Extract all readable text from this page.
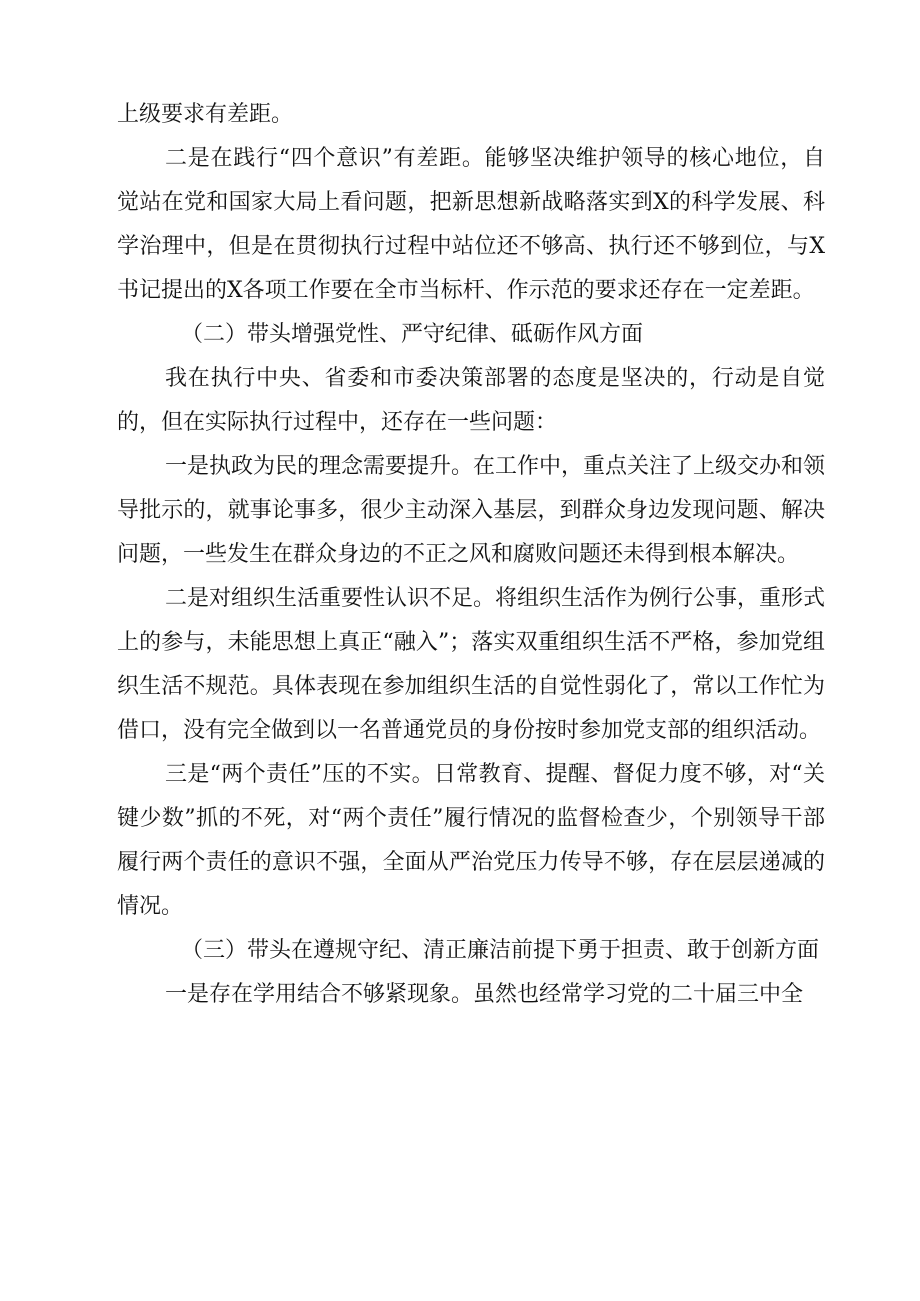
上级要求有差距。

二是在践行“四个意识”有差距。能够坚决维护领导的核心地位，自觉站在党和国家大局上看问题，把新思想新战略落实到X的科学发展、科学治理中，但是在贯彻执行过程中站位还不够高、执行还不够到位，与X书记提出的X各项工作要在全市当标杆、作示范的要求还存在一定差距。

（二）带头增强党性、严守纪律、砥砺作风方面

我在执行中央、省委和市委决策部署的态度是坚决的，行动是自觉的，但在实际执行过程中，还存在一些问题：

一是执政为民的理念需要提升。在工作中，重点关注了上级交办和领导批示的，就事论事多，很少主动深入基层，到群众身边发现问题、解决问题，一些发生在群众身边的不正之风和腐败问题还未得到根本解决。

二是对组织生活重要性认识不足。将组织生活作为例行公事，重形式上的参与，未能思想上真正“融入”；落实双重组织生活不严格，参加党组织生活不规范。具体表现在参加组织生活的自觉性弱化了，常以工作忙为借口，没有完全做到以一名普通党员的身份按时参加党支部的组织活动。

三是“两个责任”压的不实。日常教育、提醒、督促力度不够，对“关键少数”抓的不死，对“两个责任”履行情况的监督检查少，个别领导干部履行两个责任的意识不强，全面从严治党压力传导不够，存在层层递减的情况。

（三）带头在遵规守纪、清正廉洁前提下勇于担责、敢于创新方面

一是存在学用结合不够紧现象。虽然也经常学习党的二十届三中全
